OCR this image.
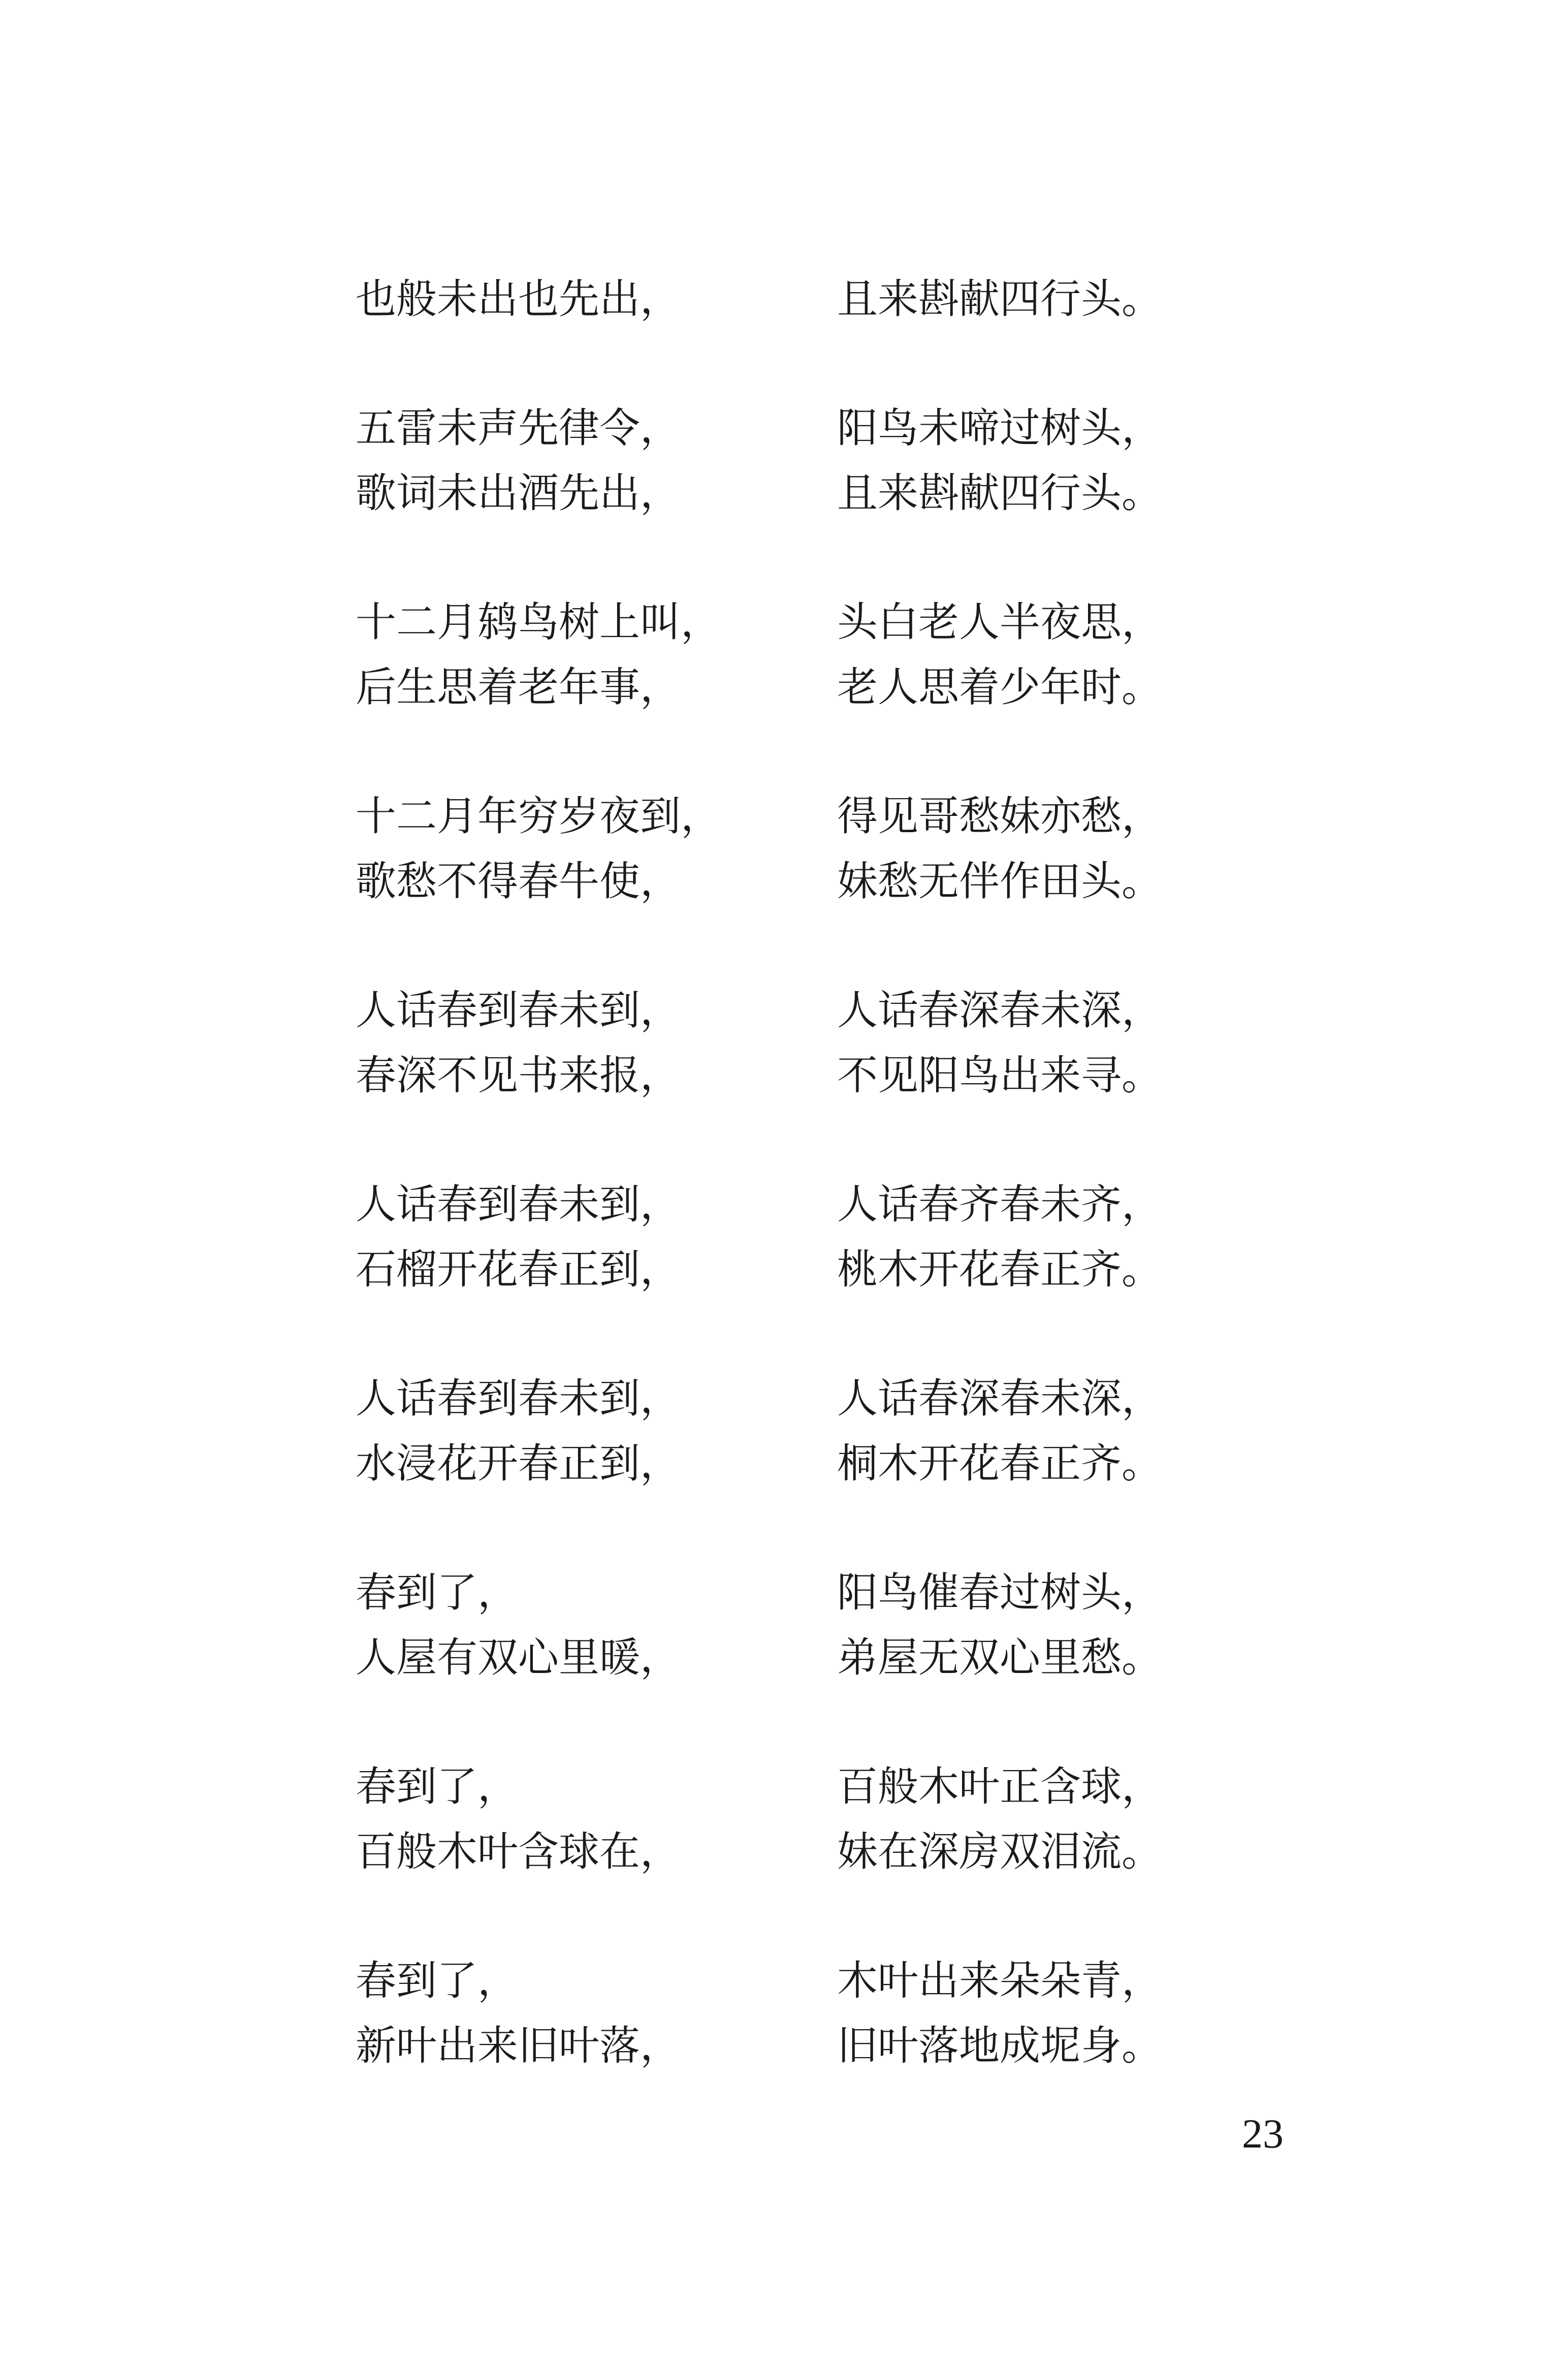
也般未出也先出，	且来斟献四行头。
五雷未声先律令，	阳鸟未啼过树头，
歌词未出酒先出，	且来斟献四行头。
十二月鸫鸟树上叫，	头白老人半夜思，
后生思着老年事，	老人思着少年时。
十二月年穷岁夜到，	得见哥愁妹亦愁，
歌愁不得春牛使，	妹愁无伴作田头。
人话春到春未到，	人话春深春未深，
春深不见书来报，	不见阳鸟出来寻。
人话春到春未到，	人话春齐春未齐，
石榴开花春正到，	桃木开花春正齐。
人话春到春未到，	人话春深春未深，
水浸花开春正到，	桐木开花春正齐。
春到了，	阳鸟催春过树头，
人屋有双心里暖，	弟屋无双心里愁。
春到了，	百般木叶正含球，
百般木叶含球在，	妹在深房双泪流。
春到了，	木叶出来朵朵青，
新叶出来旧叶落，	旧叶落地成坭身。
23
